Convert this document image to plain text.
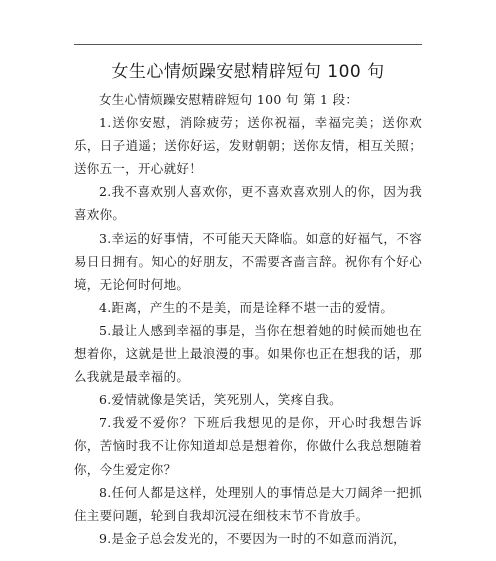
女生心情烦躁安慰精辟短句 100 句

女生心情烦躁安慰精辟短句 100 句 第 1 段：

1.送你安慰，消除疲劳；送你祝福，幸福完美；送你欢乐，日子逍遥；送你好运，发财朝朝；送你友情，相互关照；送你五一，开心就好！

2.我不喜欢别人喜欢你，更不喜欢喜欢别人的你，因为我喜欢你。

3.幸运的好事情，不可能天天降临。如意的好福气，不容易日日拥有。知心的好朋友，不需要吝啬言辞。祝你有个好心境，无论何时何地。

4.距离，产生的不是美，而是诠释不堪一击的爱情。

5.最让人感到幸福的事是，当你在想着她的时候而她也在想着你，这就是世上最浪漫的事。如果你也正在想我的话，那么我就是最幸福的。

6.爱情就像是笑话，笑死别人，笑疼自我。

7.我爱不爱你？下班后我想见的是你，开心时我想告诉你，苦恼时我不让你知道却总是想着你，你做什么我总想随着你，今生爱定你？

8.任何人都是这样，处理别人的事情总是大刀阔斧一把抓住主要问题，轮到自我却沉浸在细枝末节不肯放手。

9.是金子总会发光的，不要因为一时的不如意而消沉，
